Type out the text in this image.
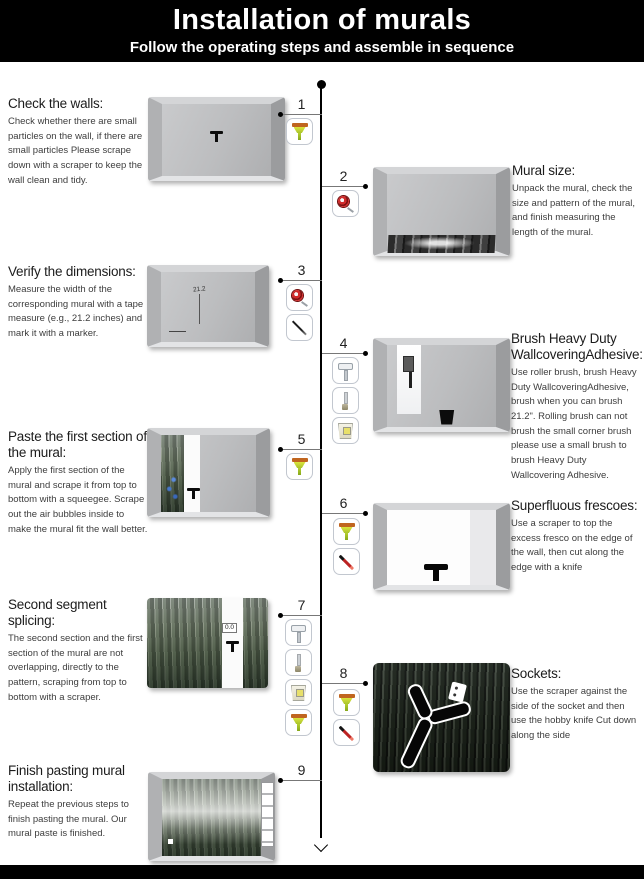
Installation of murals
Follow the operating steps and assemble in sequence
Check the walls:
Check whether there are small particles on the wall, if there are small particles Please scrape down with a scraper to keep the wall clean and tidy.
1
2	Mural size:
Unpack the mural, check the size and pattern of the mural, and finish measuring the length of the mural.
Verify the dimensions:
Measure the width of the corresponding mural with a tape measure (e.g., 21.2 inches) and mark it with a marker.
21.2
3
4	Brush Heavy Duty WallcoveringAdhesive:
Use roller brush, brush Heavy Duty WallcoveringAdhesive, brush when you can brush 21.2". Rolling brush can not brush the small corner brush please use a small brush to brush Heavy Duty Wallcovering Adhesive.
Paste the first section of the mural:
Apply the first section of the mural and scrape it from top to bottom with a squeegee. Scrape out the air bubbles inside to make the mural fit the wall better.
5
6	Superfluous frescoes:
Use a scraper to top the excess fresco on the edge of the wall, then cut along the edge with a knife
Second segment splicing:
The second section and the first section of the mural are not overlapping, directly to the pattern, scraping from top to bottom with a scraper.
0.0
7
8	Sockets:
Use the scraper against the side of the socket and then use the hobby knife Cut down along the side
Finish pasting mural installation:
Repeat the previous steps to finish pasting the mural. Our mural paste is finished.
9
